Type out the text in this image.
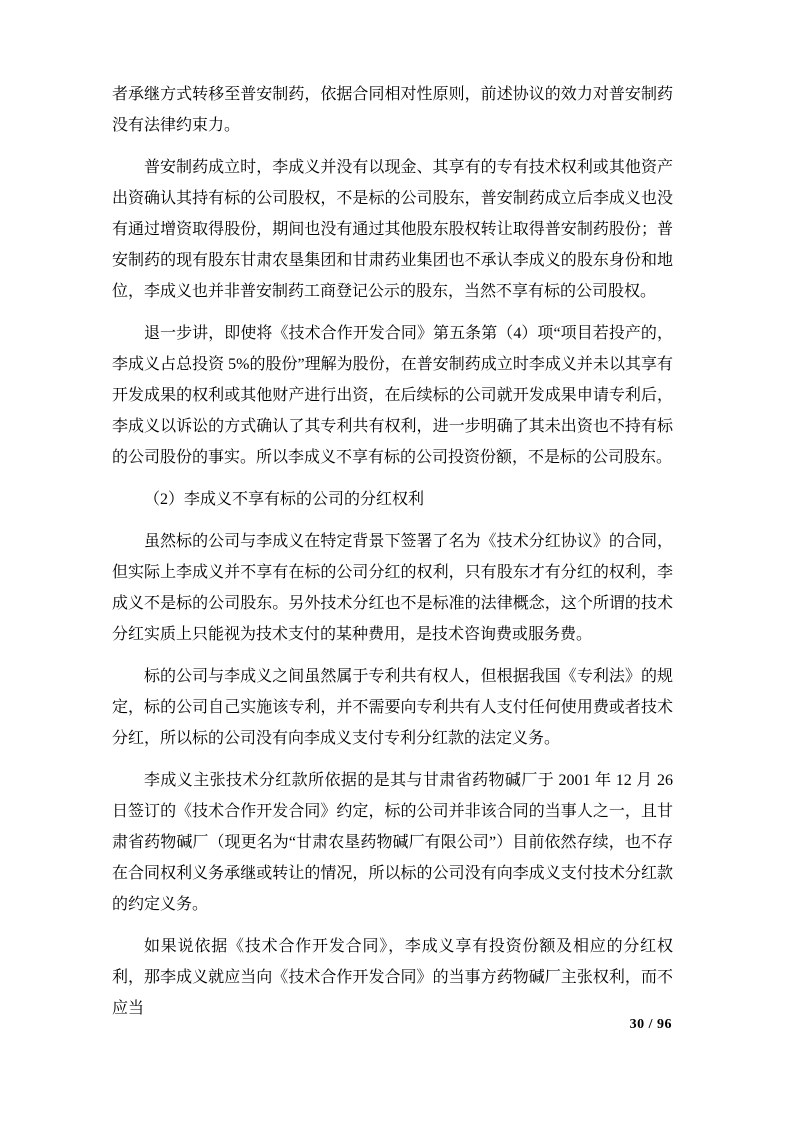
者承继方式转移至普安制药，依据合同相对性原则，前述协议的效力对普安制药没有法律约束力。

普安制药成立时，李成义并没有以现金、其享有的专有技术权利或其他资产出资确认其持有标的公司股权，不是标的公司股东，普安制药成立后李成义也没有通过增资取得股份，期间也没有通过其他股东股权转让取得普安制药股份；普安制药的现有股东甘肃农垦集团和甘肃药业集团也不承认李成义的股东身份和地位，李成义也并非普安制药工商登记公示的股东，当然不享有标的公司股权。

退一步讲，即使将《技术合作开发合同》第五条第（4）项“项目若投产的，李成义占总投资 5%的股份”理解为股份，在普安制药成立时李成义并未以其享有开发成果的权利或其他财产进行出资，在后续标的公司就开发成果申请专利后，李成义以诉讼的方式确认了其专利共有权利，进一步明确了其未出资也不持有标的公司股份的事实。所以李成义不享有标的公司投资份额，不是标的公司股东。

（2）李成义不享有标的公司的分红权利

虽然标的公司与李成义在特定背景下签署了名为《技术分红协议》的合同，但实际上李成义并不享有在标的公司分红的权利，只有股东才有分红的权利，李成义不是标的公司股东。另外技术分红也不是标准的法律概念，这个所谓的技术分红实质上只能视为技术支付的某种费用，是技术咨询费或服务费。

标的公司与李成义之间虽然属于专利共有权人，但根据我国《专利法》的规定，标的公司自己实施该专利，并不需要向专利共有人支付任何使用费或者技术分红，所以标的公司没有向李成义支付专利分红款的法定义务。

李成义主张技术分红款所依据的是其与甘肃省药物碱厂于 2001 年 12 月 26 日签订的《技术合作开发合同》约定，标的公司并非该合同的当事人之一，且甘肃省药物碱厂（现更名为“甘肃农垦药物碱厂有限公司”）目前依然存续，也不存在合同权利义务承继或转让的情况，所以标的公司没有向李成义支付技术分红款的约定义务。

如果说依据《技术合作开发合同》，李成义享有投资份额及相应的分红权利，那李成义就应当向《技术合作开发合同》的当事方药物碱厂主张权利，而不应当

30 / 96
